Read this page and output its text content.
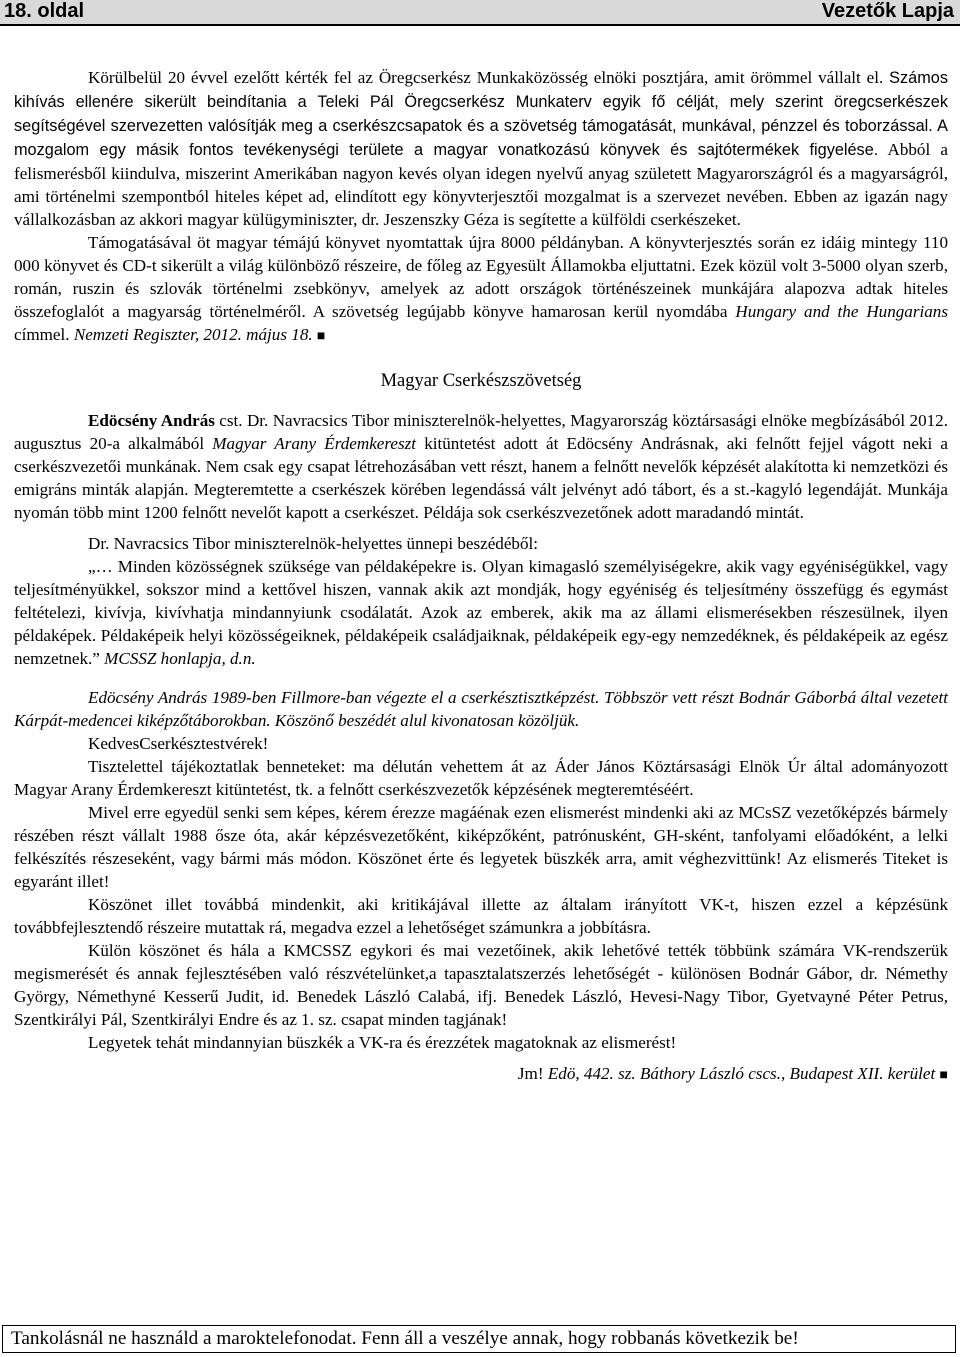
18. oldal	Vezetők Lapja

Körülbelül 20 évvel ezelőtt kérték fel az Öregcserkész Munkaközösség elnöki posztjára, amit örömmel vállalt el. Számos kihívás ellenére sikerült beindítania a Teleki Pál Öregcserkész Munkaterv egyik fő célját, mely szerint öregcserkészek segítségével szervezetten valósítják meg a cserkészcsapatok és a szövetség támogatását, munkával, pénzzel és toborzással. A mozgalom egy másik fontos tevékenységi területe a magyar vonatkozású könyvek és sajtótermékek figyelése. Abból a felismerésből kiindulva, miszerint Amerikában nagyon kevés olyan idegen nyelvű anyag született Magyarországról és a magyarságról, ami történelmi szempontból hiteles képet ad, elindított egy könyvterjesztői mozgalmat is a szervezet nevében. Ebben az igazán nagy vállalkozásban az akkori magyar külügyminiszter, dr. Jeszenszky Géza is segítette a külföldi cserkészeket.

Támogatásával öt magyar témájú könyvet nyomtattak újra 8000 példányban. A könyvterjesztés során ez idáig mintegy 110 000 könyvet és CD-t sikerült a világ különböző részeire, de főleg az Egyesült Államokba eljuttatni. Ezek közül volt 3-5000 olyan szerb, román, ruszin és szlovák történelmi zsebkönyv, amelyek az adott országok történészeinek munkájára alapozva adtak hiteles összefoglalót a magyarság történelméről. A szövetség legújabb könyve hamarosan kerül nyomdába Hungary and the Hungarians címmel. Nemzeti Regiszter, 2012. május 18. ■

Magyar Cserkészszövetség

Edöcsény András cst. Dr. Navracsics Tibor miniszterelnök-helyettes, Magyarország köztársasági elnöke megbízásából 2012. augusztus 20-a alkalmából Magyar Arany Érdemkereszt kitüntetést adott át Edöcsény Andrásnak, aki felnőtt fejjel vágott neki a cserkészvezetői munkának. Nem csak egy csapat létrehozásában vett részt, hanem a felnőtt nevelők képzését alakította ki nemzetközi és emigráns minták alapján. Megteremtette a cserkészek körében legendássá vált jelvényt adó tábort, és a st.-kagyló legendáját. Munkája nyomán több mint 1200 felnőtt nevelőt kapott a cserkészet. Példája sok cserkészvezetőnek adott maradandó mintát.

Dr. Navracsics Tibor miniszterelnök-helyettes ünnepi beszédéből:

„… Minden közösségnek szüksége van példaképekre is. Olyan kimagasló személyiségekre, akik vagy egyéniségükkel, vagy teljesítményükkel, sokszor mind a kettővel hiszen, vannak akik azt mondják, hogy egyéniség és teljesítmény összefügg és egymást feltételezi, kivívja, kivívhatja mindannyiunk csodálatát. Azok az emberek, akik ma az állami elismerésekben részesülnek, ilyen példaképek. Példaképeik helyi közösségeiknek, példaképeik családjaiknak, példaképeik egy-egy nemzedéknek, és példaképeik az egész nemzetnek.” MCSSZ honlapja, d.n.

Edöcsény András 1989-ben Fillmore-ban végezte el a cserkésztisztképzést. Többször vett részt Bodnár Gáborbá által vezetett Kárpát-medencei kiképzőtáborokban. Köszönő beszédét alul kivonatosan közöljük.

KedvesCserkésztestvérek!

Tisztelettel tájékoztatlak benneteket: ma délután vehettem át az Áder János Köztársasági Elnök Úr által adományozott Magyar Arany Érdemkereszt kitüntetést, tk. a felnőtt cserkészvezetők képzésének megteremtéséért.

Mivel erre egyedül senki sem képes, kérem érezze magáénak ezen elismerést mindenki aki az MCsSZ vezetőképzés bármely részében részt vállalt 1988 őszе óta, akár képzésvezetőként, kiképzőként, patrónusként, GH-sként, tanfolyami előadóként, a lelki felkészítés részeseként, vagy bármi más módon. Köszönet érte és legyetek büszkék arra, amit véghezvittünk! Az elismerés Titeket is egyaránt illet!

Köszönet illet továbbá mindenkit, aki kritikájával illette az általam irányított VK-t, hiszen ezzel a képzésünk továbbfejlesztendő részeire mutattak rá, megadva ezzel a lehetőséget számunkra a jobbításra.

Külön köszönet és hála a KMCSSZ egykori és mai vezetőinek, akik lehetővé tették többünk számára VK-rendszerük megismerését és annak fejlesztésében való részvételünket,a tapasztalatszerzés lehetőségét - különösen Bodnár Gábor, dr. Némethy György, Némethyné Kesserű Judit, id. Benedek László Calabá, ifj. Benedek László, Hevesi-Nagy Tibor, Gyetvayné Péter Petrus, Szentkirályi Pál, Szentkirályi Endre és az 1. sz. csapat minden tagjának!

Legyetek tehát mindannyian büszkék a VK-ra és érezzétek magatoknak az elismerést!

Jm! Edö, 442. sz. Báthory László cscs., Budapest XII. kerület ■

Tankolásnál ne használd a maroktelefonodat. Fenn áll a veszélye annak, hogy robbanás következik be!
